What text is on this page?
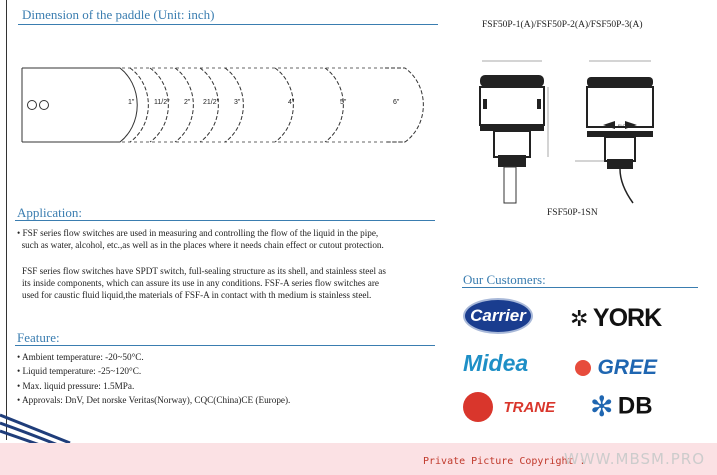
Dimension of the paddle (Unit: inch)
1"	11/2" 2" 21/2" 3"	4"	5"	6"
FSF50P-1(A)/FSF50P-2(A)/FSF50P-3(A)
FLOW
FSF50P-1SN
Application:
• FSF series flow switches are used in measuring and controlling the flow of the liquid in the pipe,
such as water, alcohol, etc.,as well as in the places where it needs chain effect or cutout protection.
FSF series flow switches have SPDT switch, full-sealing structure as its shell, and stainless steel as
its inside components, which can assure its use in any conditions. FSF-A series flow switches are
used for caustic fluid liquid,the materials of FSF-A in contact with th medium is stainless steel.
Feature:
• Ambient temperature: -20~50°C.
• Liquid temperature: -25~120°C.
• Max. liquid pressure: 1.5MPa.
• Approvals: DnV, Det norske Veritas(Norway), CQC(China)CE (Europe).
Our Customers:
Carrier	✲ YORK
Midea	GREE
TRANE ✻ DB
Private Picture Copyright :
WWW.MBSM.PRO
